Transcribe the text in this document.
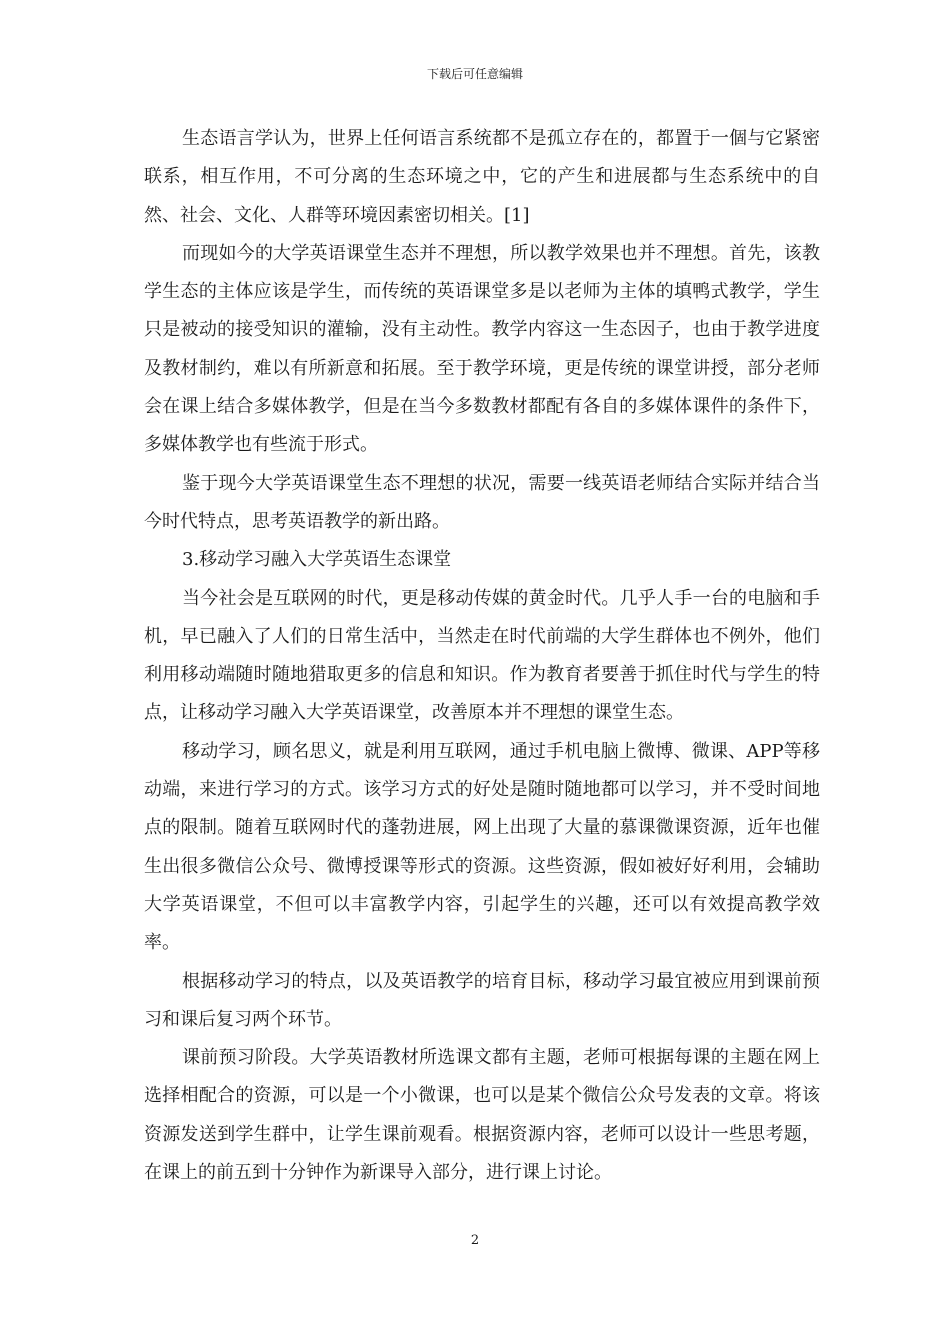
下载后可任意编辑

生态语言学认为，世界上任何语言系统都不是孤立存在的，都置于一個与它紧密联系，相互作用，不可分离的生态环境之中，它的产生和进展都与生态系统中的自然、社会、文化、人群等环境因素密切相关。[1]

而现如今的大学英语课堂生态并不理想，所以教学效果也并不理想。首先，该教学生态的主体应该是学生，而传统的英语课堂多是以老师为主体的填鸭式教学，学生只是被动的接受知识的灌输，没有主动性。教学内容这一生态因子，也由于教学进度及教材制约，难以有所新意和拓展。至于教学环境，更是传统的课堂讲授，部分老师会在课上结合多媒体教学，但是在当今多数教材都配有各自的多媒体课件的条件下，多媒体教学也有些流于形式。

鉴于现今大学英语课堂生态不理想的状况，需要一线英语老师结合实际并结合当今时代特点，思考英语教学的新出路。

3.移动学习融入大学英语生态课堂

当今社会是互联网的时代，更是移动传媒的黄金时代。几乎人手一台的电脑和手机，早已融入了人们的日常生活中，当然走在时代前端的大学生群体也不例外，他们利用移动端随时随地猎取更多的信息和知识。作为教育者要善于抓住时代与学生的特点，让移动学习融入大学英语课堂，改善原本并不理想的课堂生态。

移动学习，顾名思义，就是利用互联网，通过手机电脑上微博、微课、APP等移动端，来进行学习的方式。该学习方式的好处是随时随地都可以学习，并不受时间地点的限制。随着互联网时代的蓬勃进展，网上出现了大量的慕课微课资源，近年也催生出很多微信公众号、微博授课等形式的资源。这些资源，假如被好好利用，会辅助大学英语课堂，不但可以丰富教学内容，引起学生的兴趣，还可以有效提高教学效率。

根据移动学习的特点，以及英语教学的培育目标，移动学习最宜被应用到课前预习和课后复习两个环节。

课前预习阶段。大学英语教材所选课文都有主题，老师可根据每课的主题在网上选择相配合的资源，可以是一个小微课，也可以是某个微信公众号发表的文章。将该资源发送到学生群中，让学生课前观看。根据资源内容，老师可以设计一些思考题，在课上的前五到十分钟作为新课导入部分，进行课上讨论。

2
